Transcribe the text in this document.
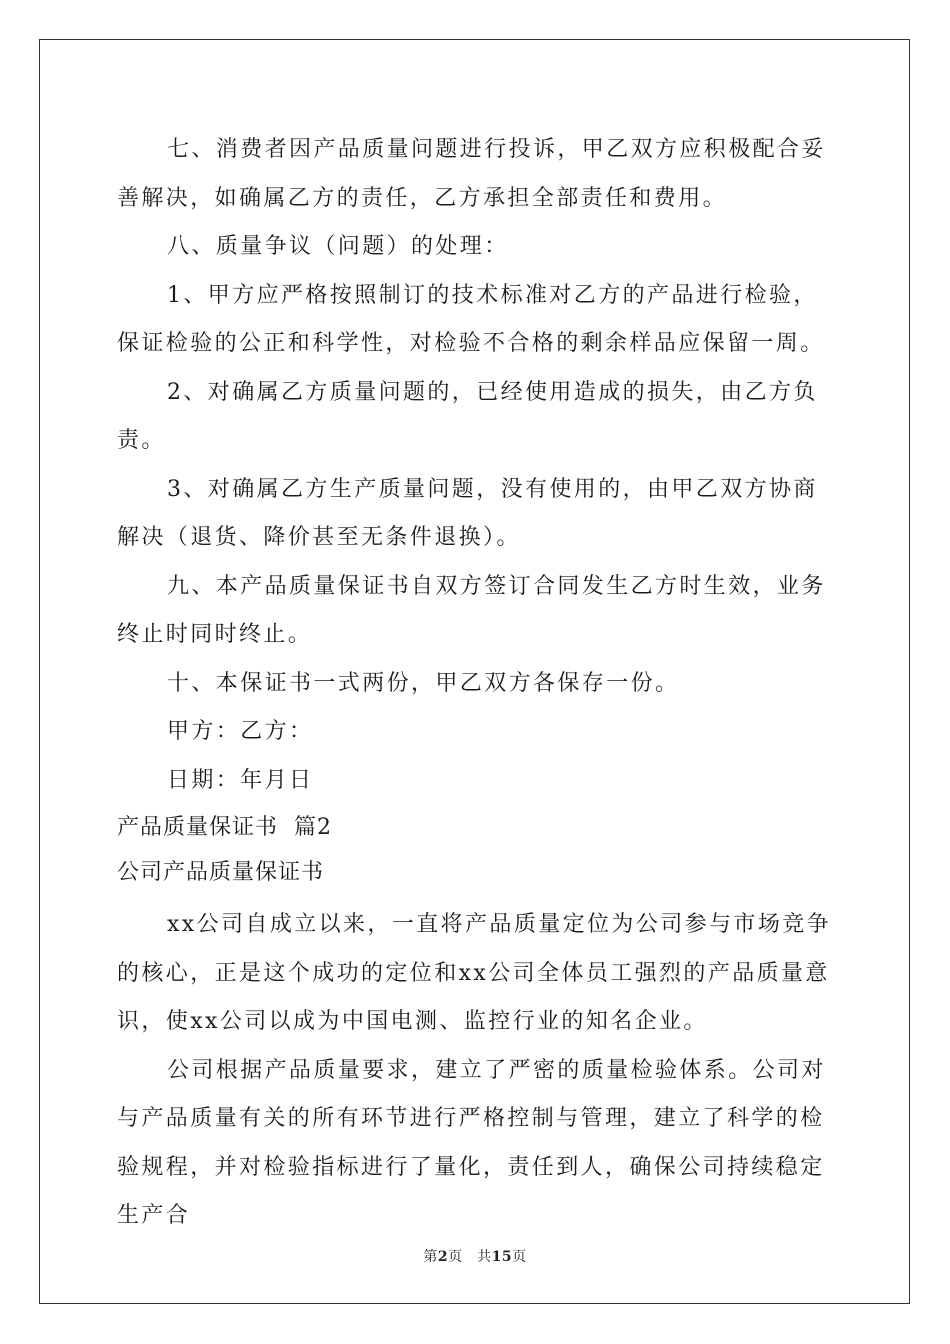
七、消费者因产品质量问题进行投诉，甲乙双方应积极配合妥善解决，如确属乙方的责任，乙方承担全部责任和费用。

八、质量争议（问题）的处理：

1、甲方应严格按照制订的技术标准对乙方的产品进行检验，保证检验的公正和科学性，对检验不合格的剩余样品应保留一周。

2、对确属乙方质量问题的，已经使用造成的损失，由乙方负责。

3、对确属乙方生产质量问题，没有使用的，由甲乙双方协商解决（退货、降价甚至无条件退换）。

九、本产品质量保证书自双方签订合同发生乙方时生效，业务终止时同时终止。

十、本保证书一式两份，甲乙双方各保存一份。

甲方：乙方：

日期：年月日

产品质量保证书  篇2

公司产品质量保证书

xx公司自成立以来，一直将产品质量定位为公司参与市场竞争的核心，正是这个成功的定位和xx公司全体员工强烈的产品质量意识，使xx公司以成为中国电测、监控行业的知名企业。

公司根据产品质量要求，建立了严密的质量检验体系。公司对与产品质量有关的所有环节进行严格控制与管理，建立了科学的检验规程，并对检验指标进行了量化，责任到人，确保公司持续稳定生产合

第2页　共15页
